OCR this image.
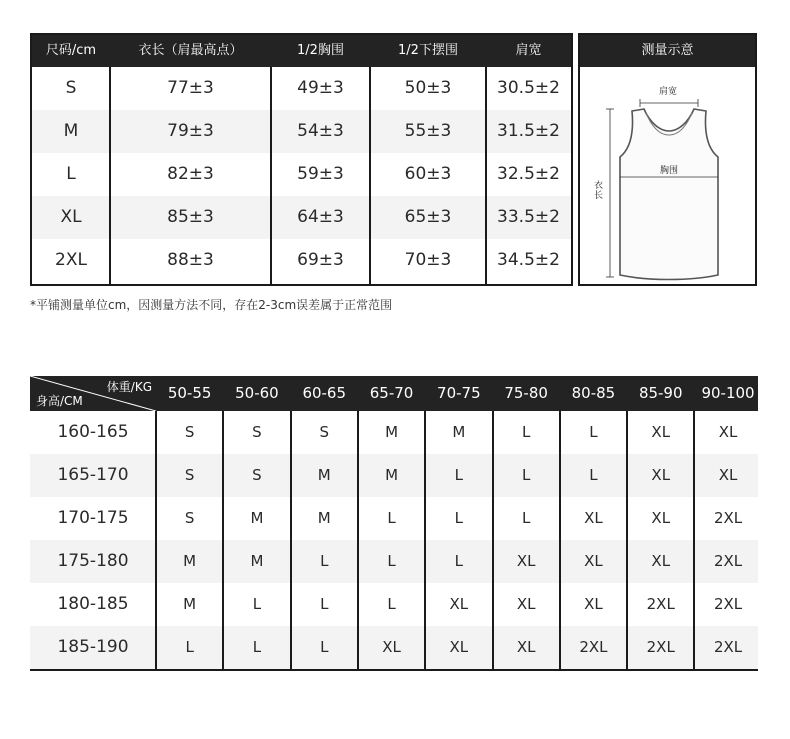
尺码/cm	衣长（肩最高点）	1/2胸围	1/2下摆围	肩宽
S	77±3	49±3	50±3	30.5±2
M	79±3	54±3	55±3	31.5±2
L	82±3	59±3	60±3	32.5±2
XL	85±3	64±3	65±3	33.5±2
2XL	88±3	69±3	70±3	34.5±2
测量示意
肩宽
胸围
衣长
*平铺测量单位cm，因测量方法不同，存在2-3cm误差属于正常范围
体重/KG
身高/CM	50-55	50-60	60-65	65-70	70-75	75-80	80-85	85-90	90-100
160-165	S	S	S	M	M	L	L	XL	XL
165-170	S	S	M	M	L	L	L	XL	XL
170-175	S	M	M	L	L	L	XL	XL	2XL
175-180	M	M	L	L	L	XL	XL	XL	2XL
180-185	M	L	L	L	XL	XL	XL	2XL	2XL
185-190	L	L	L	XL	XL	XL	2XL	2XL	2XL
